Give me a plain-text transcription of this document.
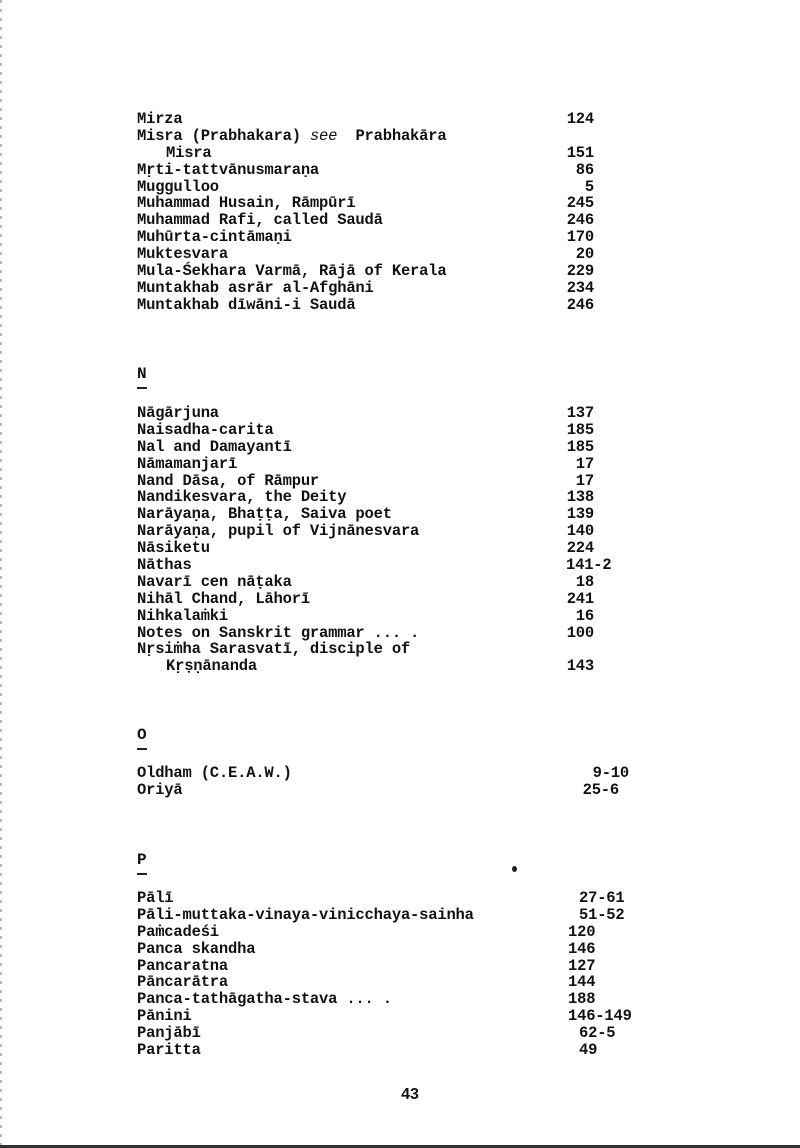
Mirza	124
Misra (Prabhakara) see  Prabhakāra
Misra	151
Mṛti-tattvānusmaraṇa	86
Muggulloo	5
Muhammad Husain, Rāmpūrī	245
Muhammad Rafi, called Saudā	246
Muhūrta-cintāmaṇi	170
Muktesvara	20
Mula-Śekhara Varmā, Rājā of Kerala	229
Muntakhab asrār al-Afghāni	234
Muntakhab dīwāni-i Saudā	246
N
Nāgārjuna	137
Naisadha-carita	185
Nal and Damayantī	185
Nāmamanjarī	17
Nand Dāsa, of Rāmpur	17
Nandikesvara, the Deity	138
Narāyaṇa, Bhaṭṭa, Saiva poet	139
Narāyaṇa, pupil of Vijnānesvara	140
Nāsiketu	224
Nāthas	141-2
Navarī cen nāṭaka	18
Nihāl Chand, Lāhorī	241
Nihkalaṁki	16
Notes on Sanskrit grammar ... .	100
Nṛsiṁha Sarasvatī, disciple of
Kṛṣṇānanda	143
O
Oldham (C.E.A.W.)	9-10
Oriyā	25-6
P
Pālī	27-61
Pāli-muttaka-vinaya-vinicchaya-sainha	51-52
Paṁcadeśi	120
Panca skandha	146
Pancaratna	127
Pāncarātra	144
Panca-tathāgatha-stava ... .	188
Pānini	146-149
Panjābī	62-5
Paritta	49
43
